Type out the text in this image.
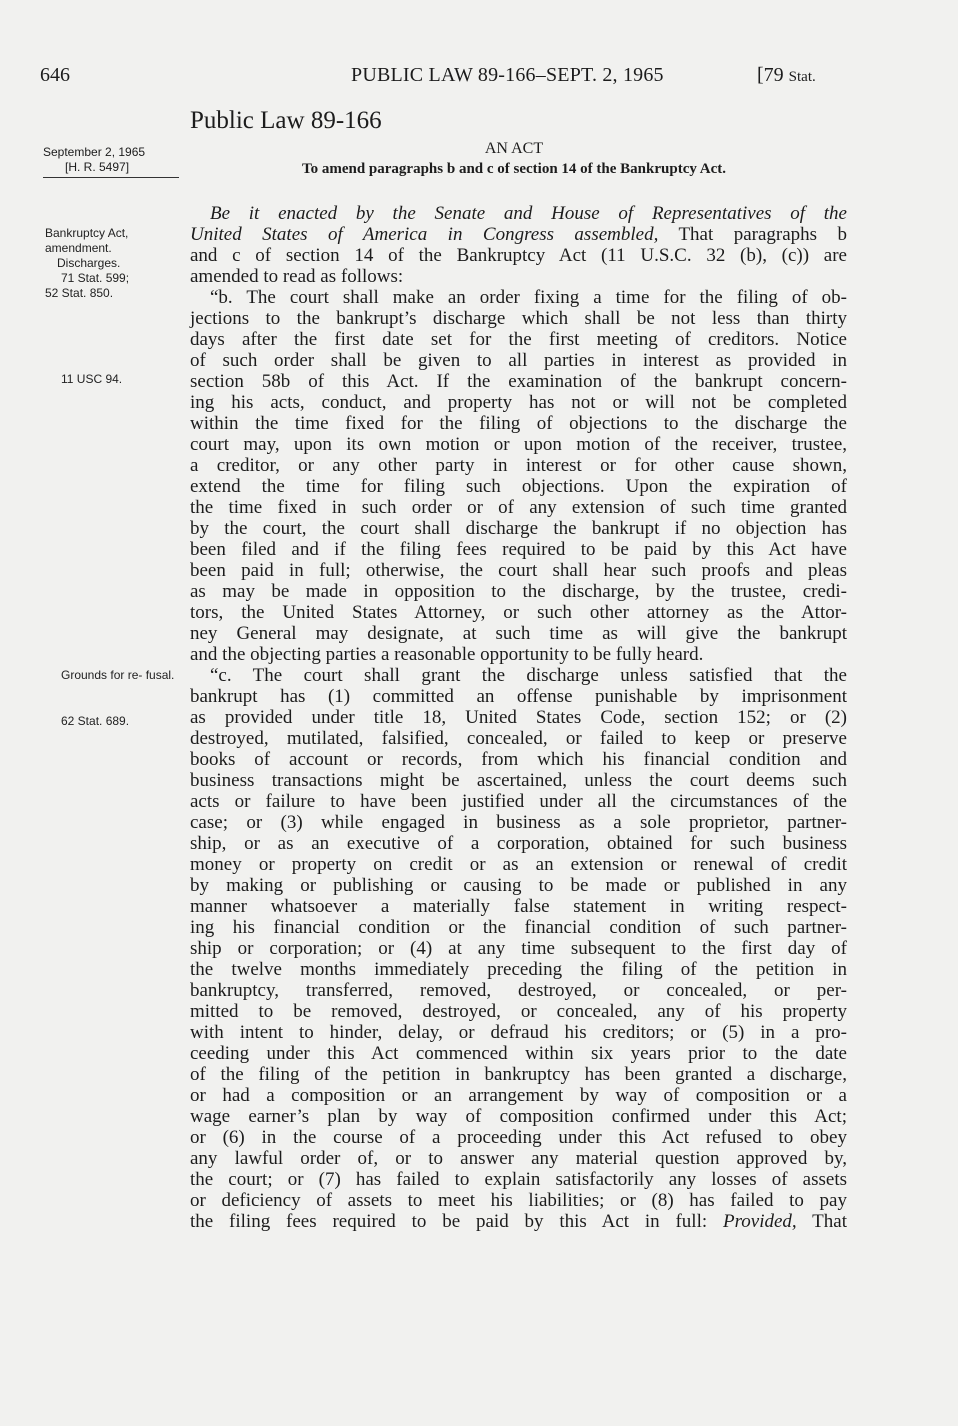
646	PUBLIC LAW 89-166–SEPT. 2, 1965	[79 Stat.
Public Law 89-166
AN ACT
To amend paragraphs b and c of section 14 of the Bankruptcy Act.
September 2, 1965
[H. R. 5497]
Bankruptcy Act,
amendment.
Discharges.
71 Stat. 599;
52 Stat. 850.
11 USC 94.
Grounds for re- fusal.
62 Stat. 689.
Be it enacted by the Senate and House of Representatives of the
United States of America in Congress assembled, That paragraphs b
and c of section 14 of the Bankruptcy Act (11 U.S.C. 32 (b), (c)) are
amended to read as follows:
“b. The court shall make an order fixing a time for the filing of ob-
jections to the bankrupt’s discharge which shall be not less than thirty
days after the first date set for the first meeting of creditors. Notice
of such order shall be given to all parties in interest as provided in
section 58b of this Act. If the examination of the bankrupt concern-
ing his acts, conduct, and property has not or will not be completed
within the time fixed for the filing of objections to the discharge the
court may, upon its own motion or upon motion of the receiver, trustee,
a creditor, or any other party in interest or for other cause shown,
extend the time for filing such objections. Upon the expiration of
the time fixed in such order or of any extension of such time granted
by the court, the court shall discharge the bankrupt if no objection has
been filed and if the filing fees required to be paid by this Act have
been paid in full; otherwise, the court shall hear such proofs and pleas
as may be made in opposition to the discharge, by the trustee, credi-
tors, the United States Attorney, or such other attorney as the Attor-
ney General may designate, at such time as will give the bankrupt
and the objecting parties a reasonable opportunity to be fully heard.
“c. The court shall grant the discharge unless satisfied that the
bankrupt has (1) committed an offense punishable by imprisonment
as provided under title 18, United States Code, section 152; or (2)
destroyed, mutilated, falsified, concealed, or failed to keep or preserve
books of account or records, from which his financial condition and
business transactions might be ascertained, unless the court deems such
acts or failure to have been justified under all the circumstances of the
case; or (3) while engaged in business as a sole proprietor, partner-
ship, or as an executive of a corporation, obtained for such business
money or property on credit or as an extension or renewal of credit
by making or publishing or causing to be made or published in any
manner whatsoever a materially false statement in writing respect-
ing his financial condition or the financial condition of such partner-
ship or corporation; or (4) at any time subsequent to the first day of
the twelve months immediately preceding the filing of the petition in
bankruptcy, transferred, removed, destroyed, or concealed, or per-
mitted to be removed, destroyed, or concealed, any of his property
with intent to hinder, delay, or defraud his creditors; or (5) in a pro-
ceeding under this Act commenced within six years prior to the date
of the filing of the petition in bankruptcy has been granted a discharge,
or had a composition or an arrangement by way of composition or a
wage earner’s plan by way of composition confirmed under this Act;
or (6) in the course of a proceeding under this Act refused to obey
any lawful order of, or to answer any material question approved by,
the court; or (7) has failed to explain satisfactorily any losses of assets
or deficiency of assets to meet his liabilities; or (8) has failed to pay
the filing fees required to be paid by this Act in full: Provided, That
